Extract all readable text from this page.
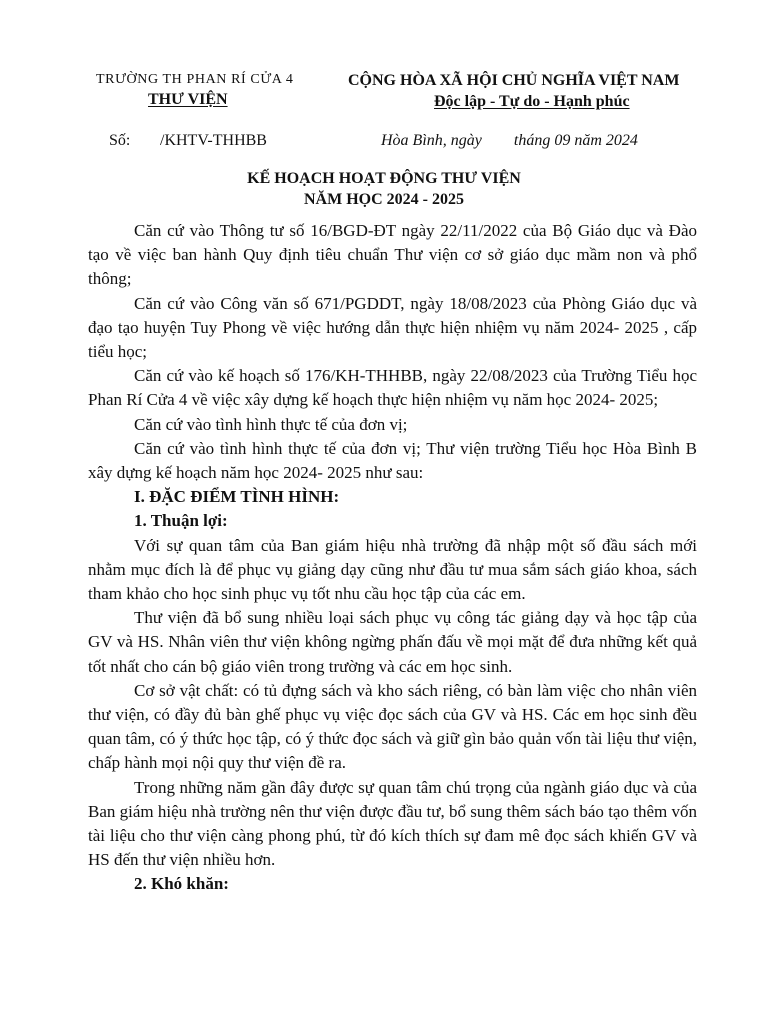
TRƯỜNG TH PHAN RÍ CỬA 4
THƯ VIỆN
CỘNG HÒA XÃ HỘI CHỦ NGHĨA VIỆT NAM
Độc lập - Tự do - Hạnh phúc
Số: /KHTV-THHBB	Hòa Bình, ngày tháng 09 năm 2024
KẾ HOẠCH HOẠT ĐỘNG THƯ VIỆN
NĂM HỌC 2024 - 2025

Căn cứ vào Thông tư số 16/BGD-ĐT ngày 22/11/2022 của Bộ Giáo dục và Đào tạo về việc ban hành Quy định tiêu chuẩn Thư viện cơ sở giáo dục mầm non và phổ thông;

Căn cứ vào Công văn số 671/PGDDT, ngày 18/08/2023 của Phòng Giáo dục và đạo tạo huyện Tuy Phong về việc hướng dẫn thực hiện nhiệm vụ năm 2024- 2025 , cấp tiểu học;

Căn cứ vào kế hoạch số 176/KH-THHBB, ngày 22/08/2023 của Trường Tiểu học Phan Rí Cửa 4 về việc xây dựng kế hoạch thực hiện nhiệm vụ năm học 2024- 2025;

Căn cứ vào tình hình thực tế của đơn vị;

Căn cứ vào tình hình thực tế của đơn vị; Thư viện trường Tiểu học Hòa Bình B xây dựng kế hoạch năm học 2024- 2025 như sau:

I. ĐẶC ĐIỂM TÌNH HÌNH:

1. Thuận lợi:

Với sự quan tâm của Ban giám hiệu nhà trường đã nhập một số đầu sách mới nhằm mục đích là để phục vụ giảng dạy cũng như đầu tư mua sắm sách giáo khoa, sách tham khảo cho học sinh phục vụ tốt nhu cầu học tập của các em.

Thư viện đã bổ sung nhiều loại sách phục vụ công tác giảng dạy và học tập của GV và HS. Nhân viên thư viện không ngừng phấn đấu về mọi mặt để đưa những kết quả tốt nhất cho cán bộ giáo viên trong trường và các em học sinh.

Cơ sở vật chất: có tủ đựng sách và kho sách riêng, có bàn làm việc cho nhân viên thư viện, có đầy đủ bàn ghế phục vụ việc đọc sách của GV và HS. Các em học sinh đều quan tâm, có ý thức học tập, có ý thức đọc sách và giữ gìn bảo quản vốn tài liệu thư viện, chấp hành mọi nội quy thư viện đề ra.

Trong những năm gần đây được sự quan tâm chú trọng của ngành giáo dục và của Ban giám hiệu nhà trường nên thư viện được đầu tư, bổ sung thêm sách báo tạo thêm vốn tài liệu cho thư viện càng phong phú, từ đó kích thích sự đam mê đọc sách khiến GV và HS đến thư viện nhiều hơn.

2. Khó khăn:
